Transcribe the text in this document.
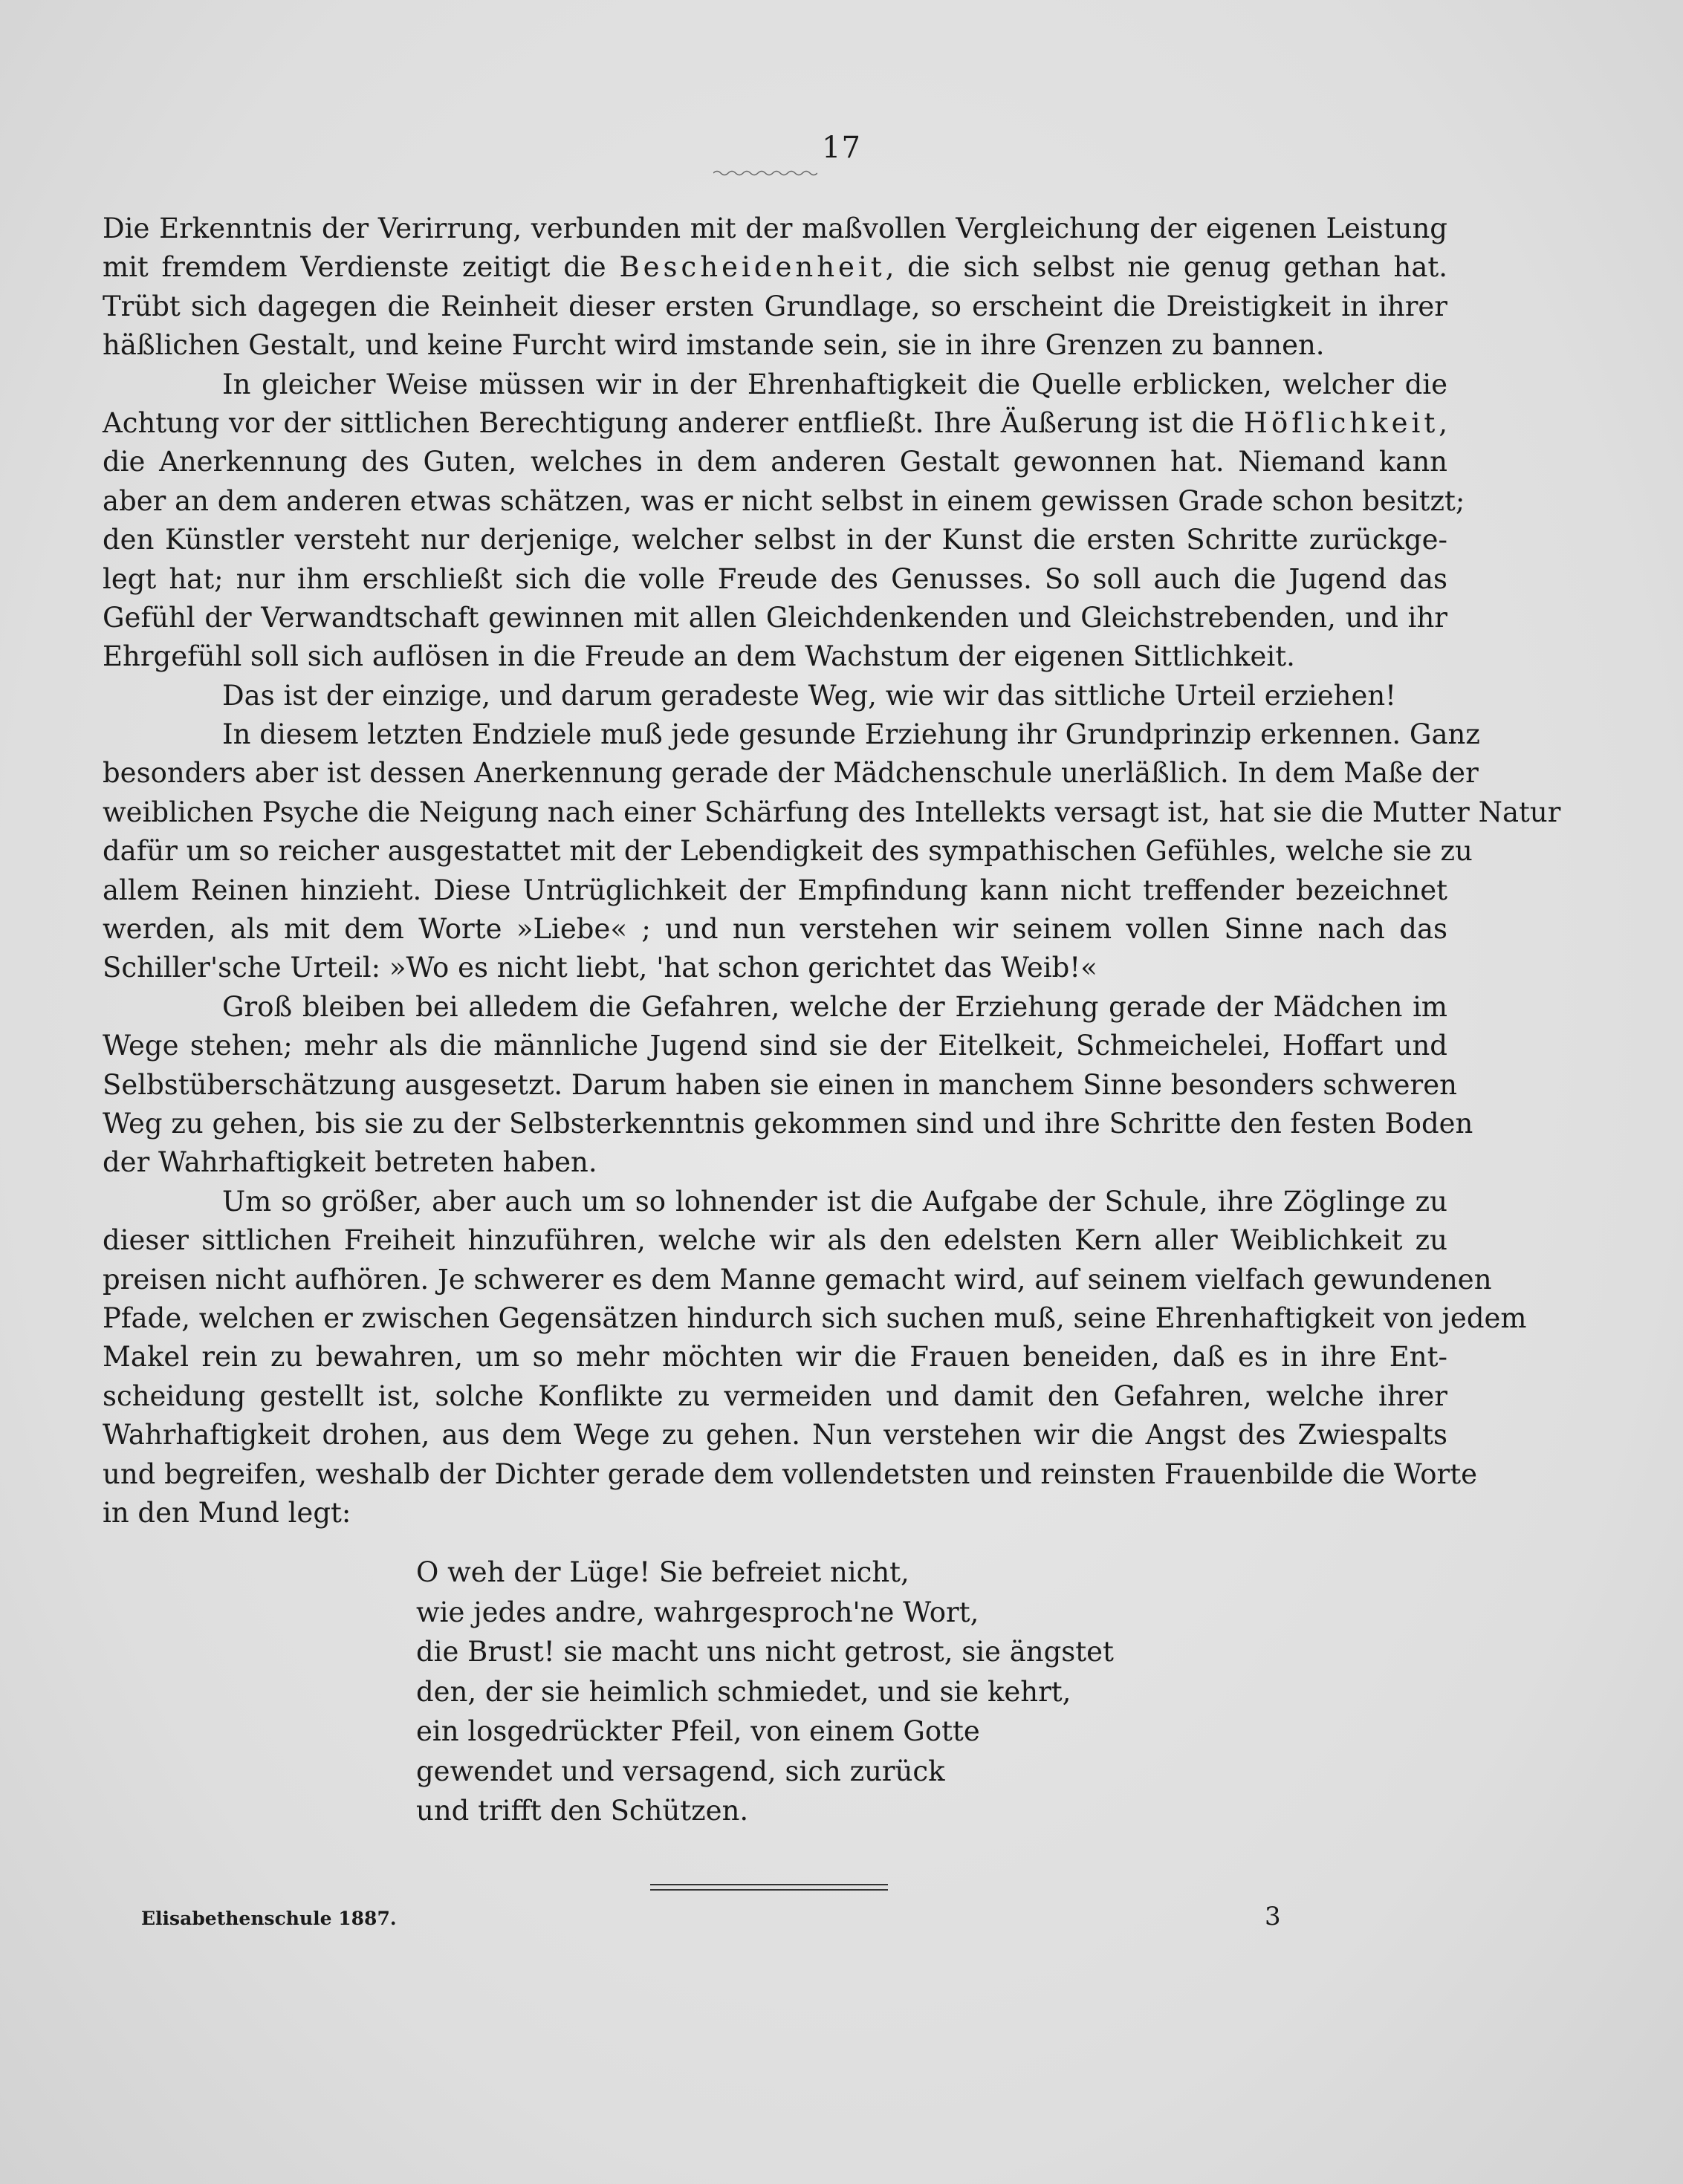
17
Die Erkenntnis der Verirrung, verbunden mit der maßvollen Vergleichung der eigenen Leistung
mit fremdem Verdienste zeitigt die Bescheidenheit, die sich selbst nie genug gethan hat.
Trübt sich dagegen die Reinheit dieser ersten Grundlage, so erscheint die Dreistigkeit in ihrer
häßlichen Gestalt, und keine Furcht wird imstande sein, sie in ihre Grenzen zu bannen.
In gleicher Weise müssen wir in der Ehrenhaftigkeit die Quelle erblicken, welcher die
Achtung vor der sittlichen Berechtigung anderer entfließt. Ihre Äußerung ist die Höflichkeit,
die Anerkennung des Guten, welches in dem anderen Gestalt gewonnen hat. Niemand kann
aber an dem anderen etwas schätzen, was er nicht selbst in einem gewissen Grade schon besitzt;
den Künstler versteht nur derjenige, welcher selbst in der Kunst die ersten Schritte zurückge-
legt hat; nur ihm erschließt sich die volle Freude des Genusses. So soll auch die Jugend das
Gefühl der Verwandtschaft gewinnen mit allen Gleichdenkenden und Gleichstrebenden, und ihr
Ehrgefühl soll sich auflösen in die Freude an dem Wachstum der eigenen Sittlichkeit.
Das ist der einzige, und darum geradeste Weg, wie wir das sittliche Urteil erziehen!
In diesem letzten Endziele muß jede gesunde Erziehung ihr Grundprinzip erkennen. Ganz
besonders aber ist dessen Anerkennung gerade der Mädchenschule unerläßlich. In dem Maße der
weiblichen Psyche die Neigung nach einer Schärfung des Intellekts versagt ist, hat sie die Mutter Natur
dafür um so reicher ausgestattet mit der Lebendigkeit des sympathischen Gefühles, welche sie zu
allem Reinen hinzieht. Diese Untrüglichkeit der Empfindung kann nicht treffender bezeichnet
werden, als mit dem Worte »Liebe« ; und nun verstehen wir seinem vollen Sinne nach das
Schiller'sche Urteil: »Wo es nicht liebt, 'hat schon gerichtet das Weib!«
Groß bleiben bei alledem die Gefahren, welche der Erziehung gerade der Mädchen im
Wege stehen; mehr als die männliche Jugend sind sie der Eitelkeit, Schmeichelei, Hoffart und
Selbstüberschätzung ausgesetzt. Darum haben sie einen in manchem Sinne besonders schweren
Weg zu gehen, bis sie zu der Selbsterkenntnis gekommen sind und ihre Schritte den festen Boden
der Wahrhaftigkeit betreten haben.
Um so größer, aber auch um so lohnender ist die Aufgabe der Schule, ihre Zöglinge zu
dieser sittlichen Freiheit hinzuführen, welche wir als den edelsten Kern aller Weiblichkeit zu
preisen nicht aufhören. Je schwerer es dem Manne gemacht wird, auf seinem vielfach gewundenen
Pfade, welchen er zwischen Gegensätzen hindurch sich suchen muß, seine Ehrenhaftigkeit von jedem
Makel rein zu bewahren, um so mehr möchten wir die Frauen beneiden, daß es in ihre Ent-
scheidung gestellt ist, solche Konflikte zu vermeiden und damit den Gefahren, welche ihrer
Wahrhaftigkeit drohen, aus dem Wege zu gehen. Nun verstehen wir die Angst des Zwiespalts
und begreifen, weshalb der Dichter gerade dem vollendetsten und reinsten Frauenbilde die Worte
in den Mund legt:
O weh der Lüge! Sie befreiet nicht,
wie jedes andre, wahrgesproch'ne Wort,
die Brust! sie macht uns nicht getrost, sie ängstet
den, der sie heimlich schmiedet, und sie kehrt,
ein losgedrückter Pfeil, von einem Gotte
gewendet und versagend, sich zurück
und trifft den Schützen.
Elisabethenschule 1887.	3
